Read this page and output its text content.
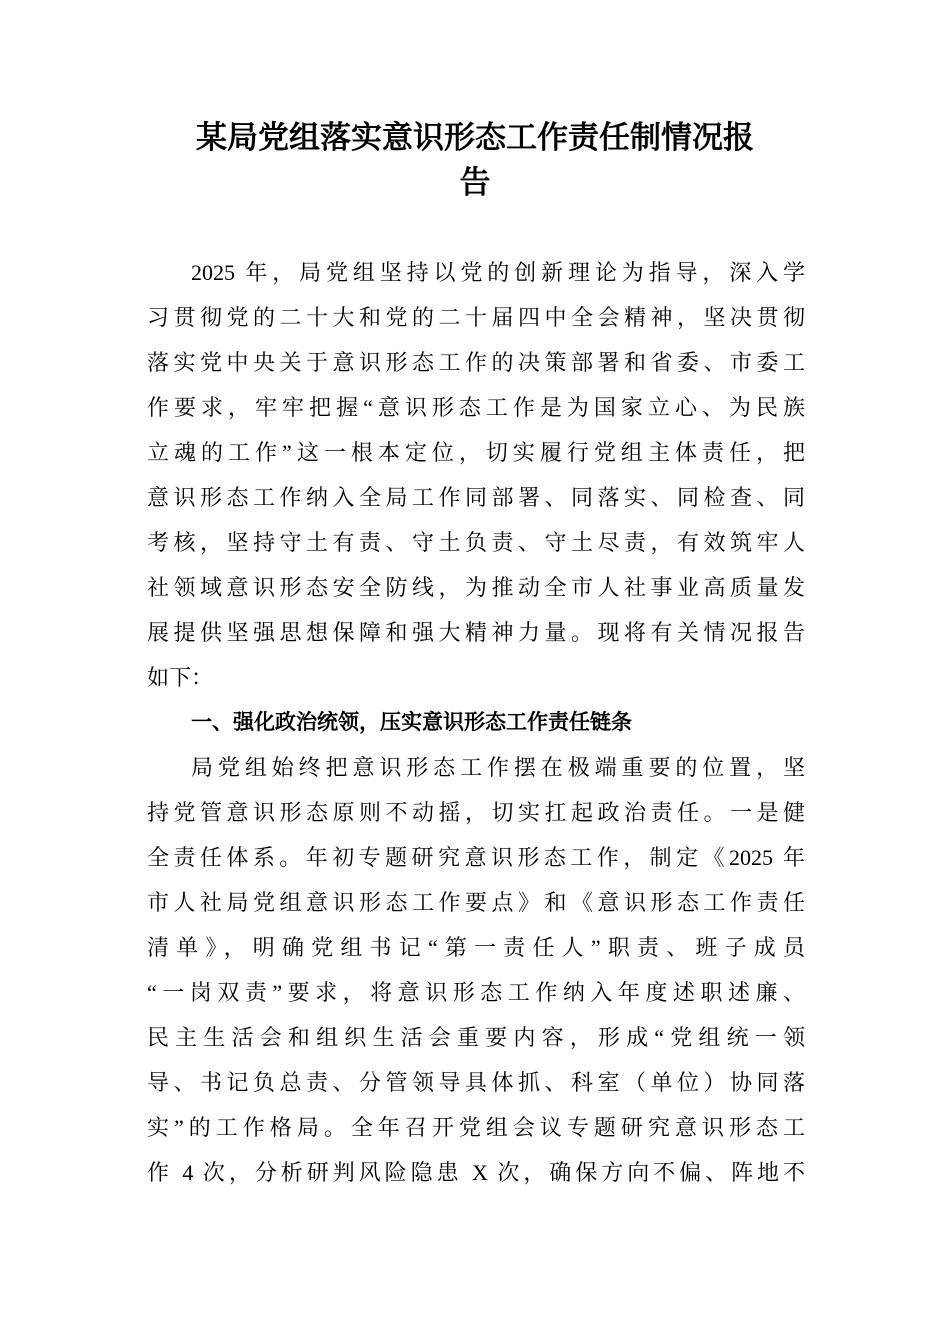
某局党组落实意识形态工作责任制情况报
告
2025 年，局党组坚持以党的创新理论为指导，深入学
习贯彻党的二十大和党的二十届四中全会精神，坚决贯彻
落实党中央关于意识形态工作的决策部署和省委、市委工
作要求，牢牢把握“意识形态工作是为国家立心、为民族
立魂的工作”这一根本定位，切实履行党组主体责任，把
意识形态工作纳入全局工作同部署、同落实、同检查、同
考核，坚持守土有责、守土负责、守土尽责，有效筑牢人
社领域意识形态安全防线，为推动全市人社事业高质量发
展提供坚强思想保障和强大精神力量。现将有关情况报告
如下：
一、强化政治统领，压实意识形态工作责任链条
局党组始终把意识形态工作摆在极端重要的位置，坚
持党管意识形态原则不动摇，切实扛起政治责任。一是健
全责任体系。年初专题研究意识形态工作，制定《2025 年
市人社局党组意识形态工作要点》和《意识形态工作责任
清单》，明确党组书记“第一责任人”职责、班子成员
“一岗双责”要求，将意识形态工作纳入年度述职述廉、
民主生活会和组织生活会重要内容，形成“党组统一领
导、书记负总责、分管领导具体抓、科室（单位）协同落
实”的工作格局。全年召开党组会议专题研究意识形态工
作 4 次，分析研判风险隐患 X 次，确保方向不偏、阵地不
